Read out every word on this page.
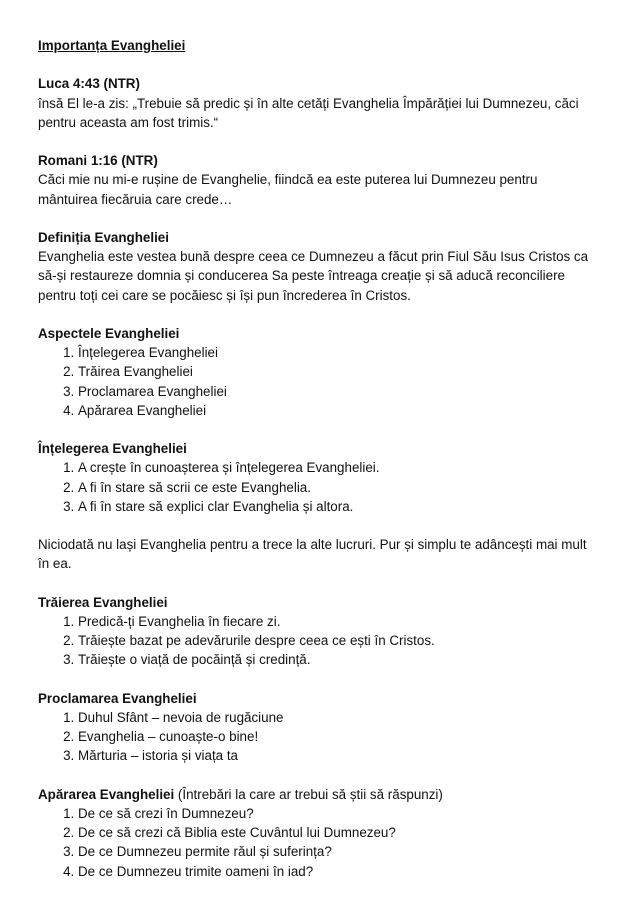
Importanța Evangheliei

Luca 4:43 (NTR)

însă El le-a zis: „Trebuie să predic și în alte cetăți Evanghelia Împărăției lui Dumnezeu, căci pentru aceasta am fost trimis.“

Romani 1:16 (NTR)

Căci mie nu mi-e rușine de Evanghelie, fiindcă ea este puterea lui Dumnezeu pentru mântuirea fiecăruia care crede…

Definiția Evangheliei

Evanghelia este vestea bună despre ceea ce Dumnezeu a făcut prin Fiul Său Isus Cristos ca să-și restaureze domnia și conducerea Sa peste întreaga creație și să aducă reconciliere pentru toți cei care se pocăiesc și își pun încrederea în Cristos.

Aspectele Evangheliei

1. Înțelegerea Evangheliei
2. Trăirea Evangheliei
3. Proclamarea Evangheliei
4. Apărarea Evangheliei

Înțelegerea Evangheliei

1. A crește în cunoașterea și înțelegerea Evangheliei.
2. A fi în stare să scrii ce este Evanghelia.
3. A fi în stare să explici clar Evanghelia și altora.

Niciodată nu lași Evanghelia pentru a trece la alte lucruri. Pur și simplu te adâncești mai mult în ea.

Trăierea Evangheliei

1. Predică-ți Evanghelia în fiecare zi.
2. Trăiește bazat pe adevărurile despre ceea ce ești în Cristos.
3. Trăiește o viață de pocăință și credință.

Proclamarea Evangheliei

1. Duhul Sfânt – nevoia de rugăciune
2. Evanghelia – cunoaște-o bine!
3. Mărturia – istoria și viața ta

Apărarea Evangheliei (Întrebări la care ar trebui să știi să răspunzi)

1. De ce să crezi în Dumnezeu?
2. De ce să crezi că Biblia este Cuvântul lui Dumnezeu?
3. De ce Dumnezeu permite răul și suferința?
4. De ce Dumnezeu trimite oameni în iad?
